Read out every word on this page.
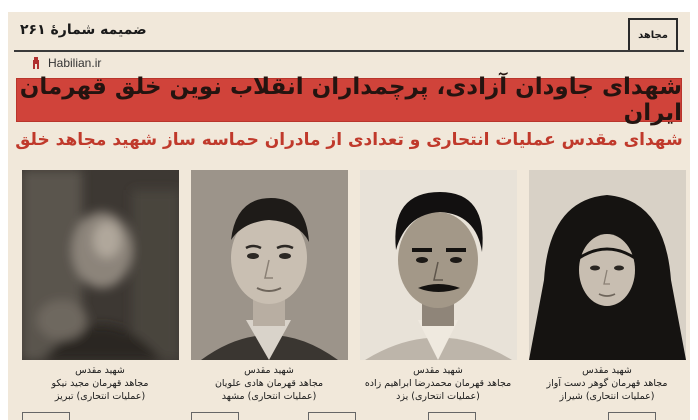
ضمیمه شمارهٔ ۲۶۱	مجاهد
Habilian.ir
شهدای جاودان آزادی، پرچمداران انقلاب نوین خلق قهرمان ایران
شهدای مقدس عملیات انتحاری و تعدادی از مادران حماسه ساز شهید مجاهد خلق
شهید مقدس
مجاهد قهرمان مجید نیکو
(عملیات انتحاری) تبریز
شهید مقدس
مجاهد قهرمان هادی علویان
(عملیات انتحاری) مشهد
شهید مقدس
مجاهد قهرمان محمدرضا ابراهیم زاده
(عملیات انتحاری) یزد
شهید مقدس
مجاهد قهرمان گوهر دست آواز
(عملیات انتحاری) شیراز
